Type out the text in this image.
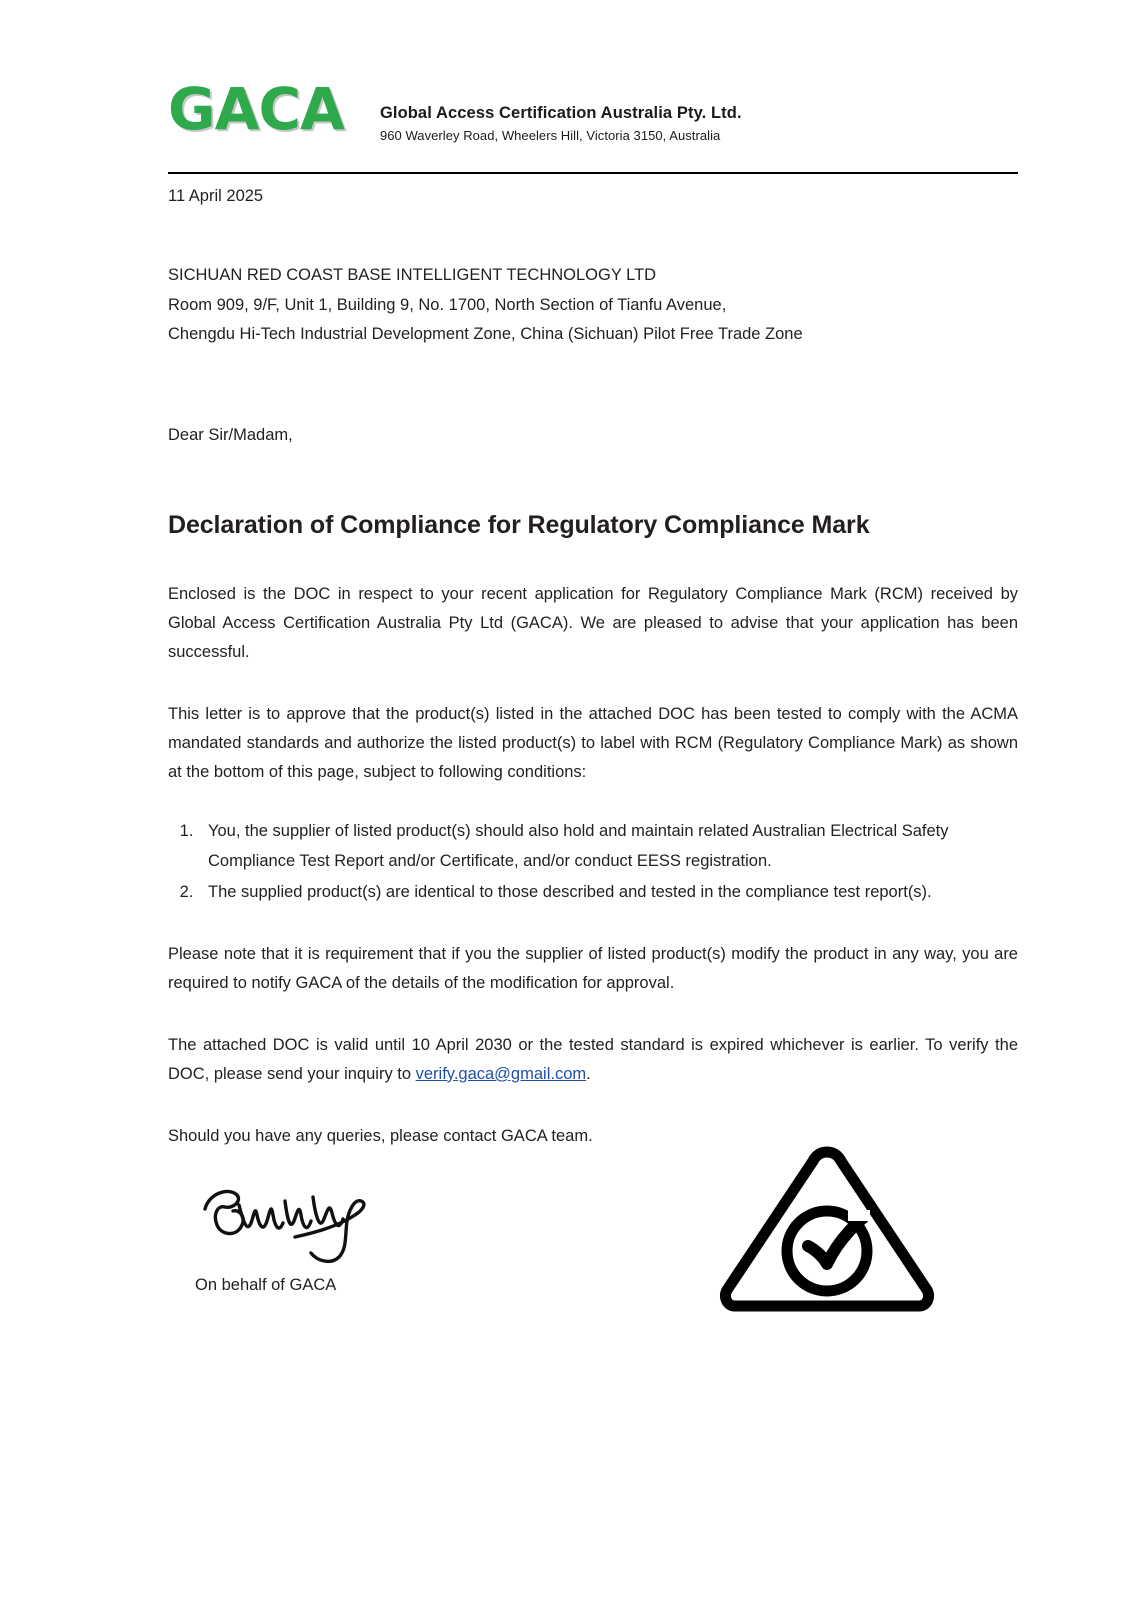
GACA Global Access Certification Australia Pty. Ltd.
960 Waverley Road, Wheelers Hill, Victoria 3150, Australia
11 April 2025
SICHUAN RED COAST BASE INTELLIGENT TECHNOLOGY LTD
Room 909, 9/F, Unit 1, Building 9, No. 1700, North Section of Tianfu Avenue,
Chengdu Hi-Tech Industrial Development Zone, China (Sichuan) Pilot Free Trade Zone
Dear Sir/Madam,
Declaration of Compliance for Regulatory Compliance Mark

Enclosed is the DOC in respect to your recent application for Regulatory Compliance Mark (RCM) received by Global Access Certification Australia Pty Ltd (GACA). We are pleased to advise that your application has been successful.

This letter is to approve that the product(s) listed in the attached DOC has been tested to comply with the ACMA mandated standards and authorize the listed product(s) to label with RCM (Regulatory Compliance Mark) as shown at the bottom of this page, subject to following conditions:

1. You, the supplier of listed product(s) should also hold and maintain related Australian Electrical Safety Compliance Test Report and/or Certificate, and/or conduct EESS registration.
2. The supplied product(s) are identical to those described and tested in the compliance test report(s).

Please note that it is requirement that if you the supplier of listed product(s) modify the product in any way, you are required to notify GACA of the details of the modification for approval.

The attached DOC is valid until 10 April 2030 or the tested standard is expired whichever is earlier. To verify the DOC, please send your inquiry to verify.gaca@gmail.com.

Should you have any queries, please contact GACA team.

On behalf of GACA
